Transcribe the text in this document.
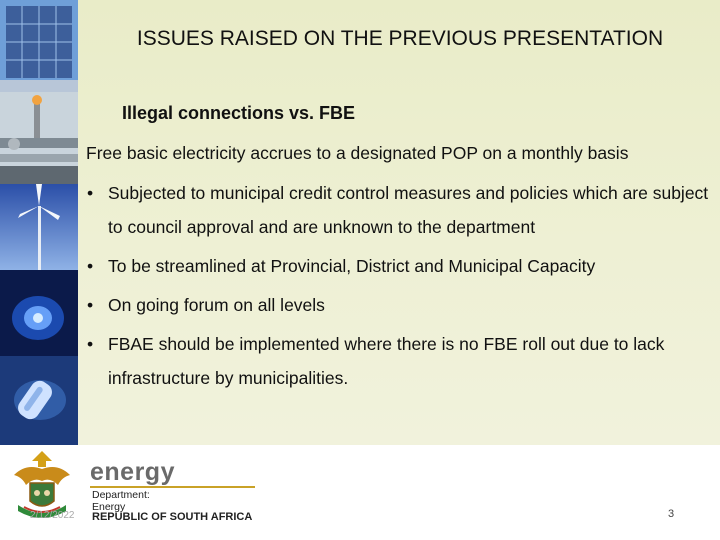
ISSUES RAISED ON THE PREVIOUS PRESENTATION
Illegal connections vs. FBE
Free basic electricity accrues to a designated POP on a monthly basis
• Subjected to municipal credit control measures and policies which are subject to council approval and are unknown to the department
• To be streamlined at Provincial, District and Municipal Capacity
• On going forum on all levels
• FBAE should be implemented where there is no FBE roll out due to lack infrastructure by municipalities.
energy
Department:
Energy
REPUBLIC OF SOUTH AFRICA
2/12/2022	3
